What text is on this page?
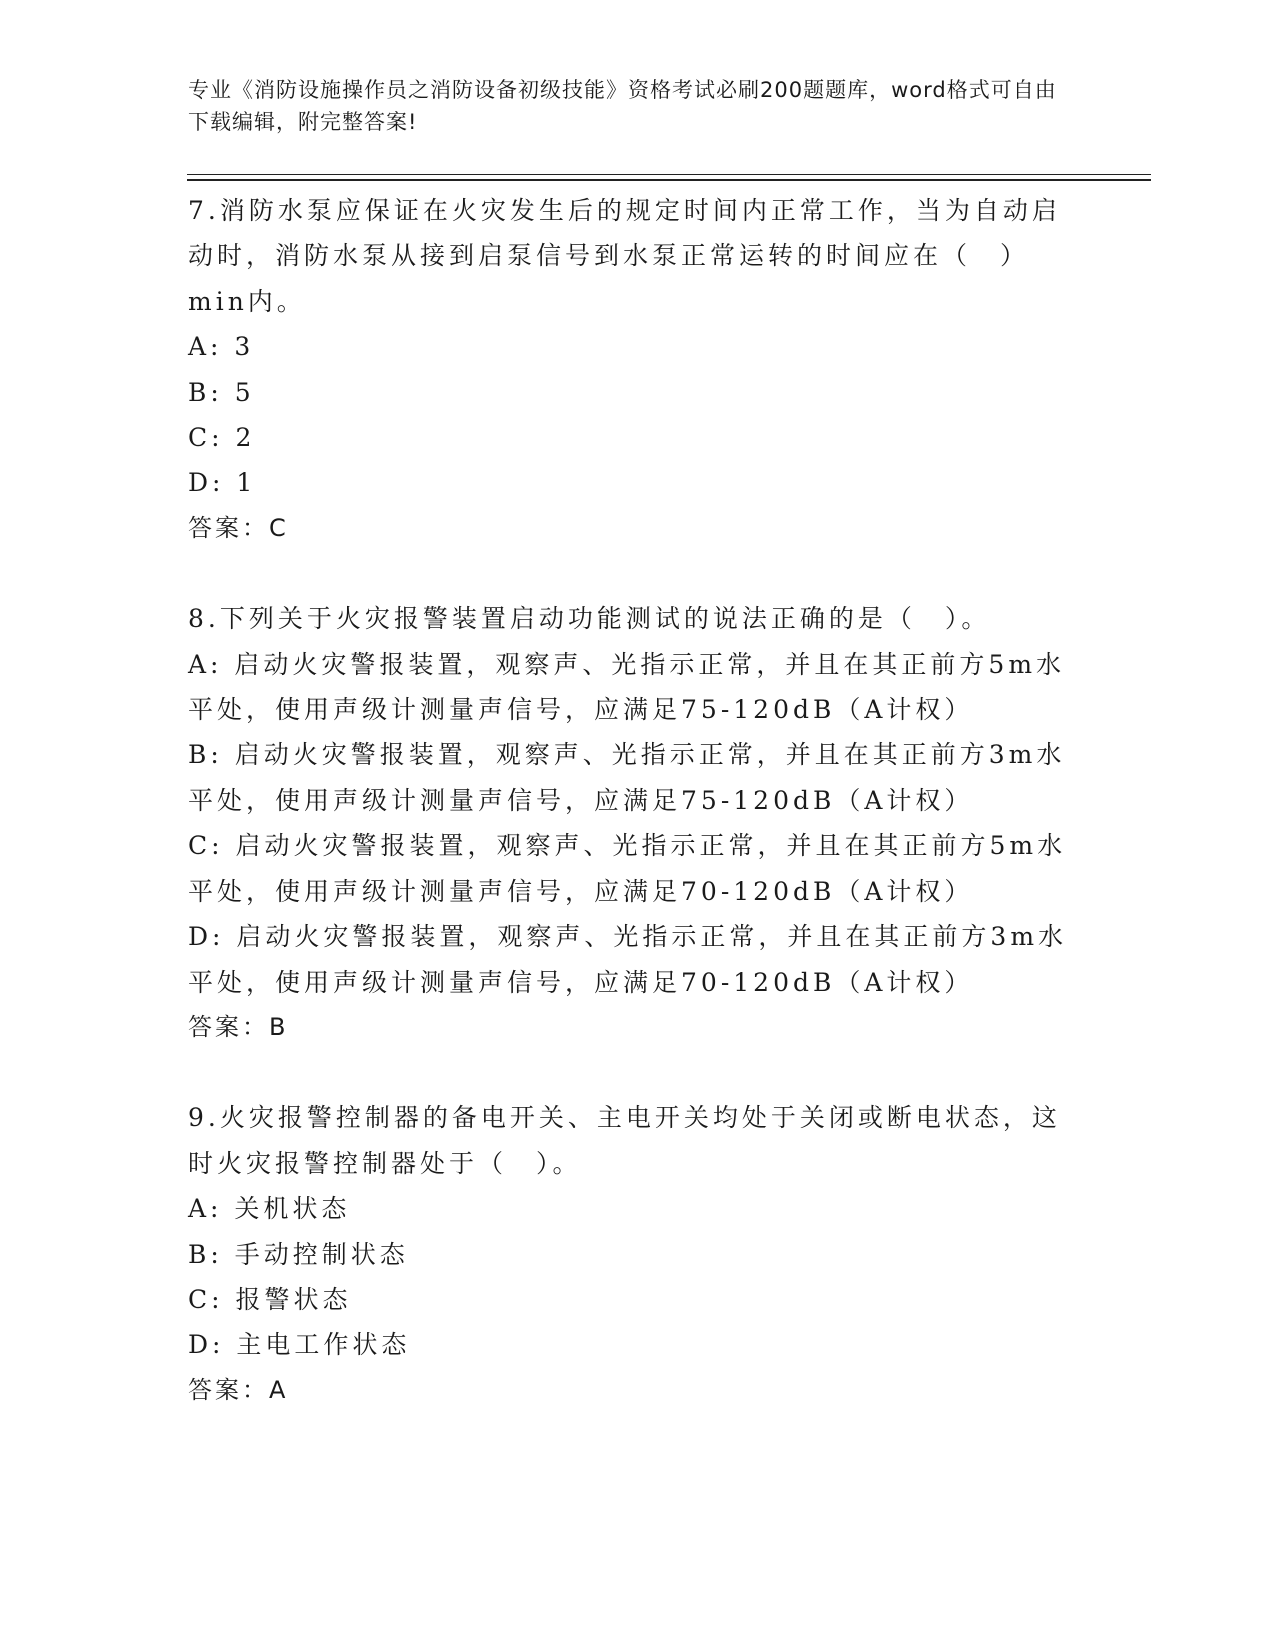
专业《消防设施操作员之消防设备初级技能》资格考试必刷200题题库，word格式可自由下载编辑，附完整答案!
7.消防水泵应保证在火灾发生后的规定时间内正常工作，当为自动启动时，消防水泵从接到启泵信号到水泵正常运转的时间应在（　）min内。
A: 3
B: 5
C: 2
D: 1
答案：C
8.下列关于火灾报警装置启动功能测试的说法正确的是（　）。
A: 启动火灾警报装置，观察声、光指示正常，并且在其正前方5m水平处，使用声级计测量声信号，应满足75-120dB（A计权）
B: 启动火灾警报装置，观察声、光指示正常，并且在其正前方3m水平处，使用声级计测量声信号，应满足75-120dB（A计权）
C: 启动火灾警报装置，观察声、光指示正常，并且在其正前方5m水平处，使用声级计测量声信号，应满足70-120dB（A计权）
D: 启动火灾警报装置，观察声、光指示正常，并且在其正前方3m水平处，使用声级计测量声信号，应满足70-120dB（A计权）
答案：B
9.火灾报警控制器的备电开关、主电开关均处于关闭或断电状态，这时火灾报警控制器处于（　）。
A: 关机状态
B: 手动控制状态
C: 报警状态
D: 主电工作状态
答案：A
